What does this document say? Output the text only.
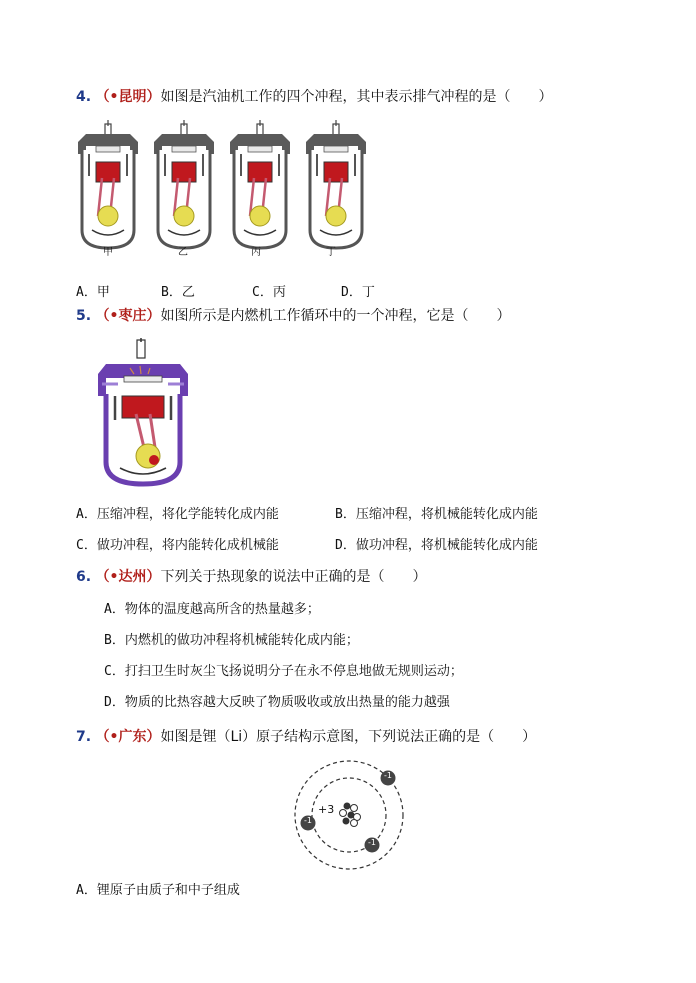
4. （•昆明）如图是汽油机工作的四个冲程，其中表示排气冲程的是（　　）
甲	乙	丙	丁
A．甲	B．乙	C．丙	D．丁
5. （•枣庄）如图所示是内燃机工作循环中的一个冲程，它是（　　）
A．压缩冲程，将化学能转化成内能	B．压缩冲程，将机械能转化成内能
C．做功冲程，将内能转化成机械能	D．做功冲程，将机械能转化成内能
6. （•达州）下列关于热现象的说法中正确的是（　　）
A．物体的温度越高所含的热量越多；
B．内燃机的做功冲程将机械能转化成内能；
C．打扫卫生时灰尘飞扬说明分子在永不停息地做无规则运动；
D．物质的比热容越大反映了物质吸收或放出热量的能力越强
7. （•广东）如图是锂（Li）原子结构示意图，下列说法正确的是（　　）
+3
-1
-1
-1
A．锂原子由质子和中子组成
